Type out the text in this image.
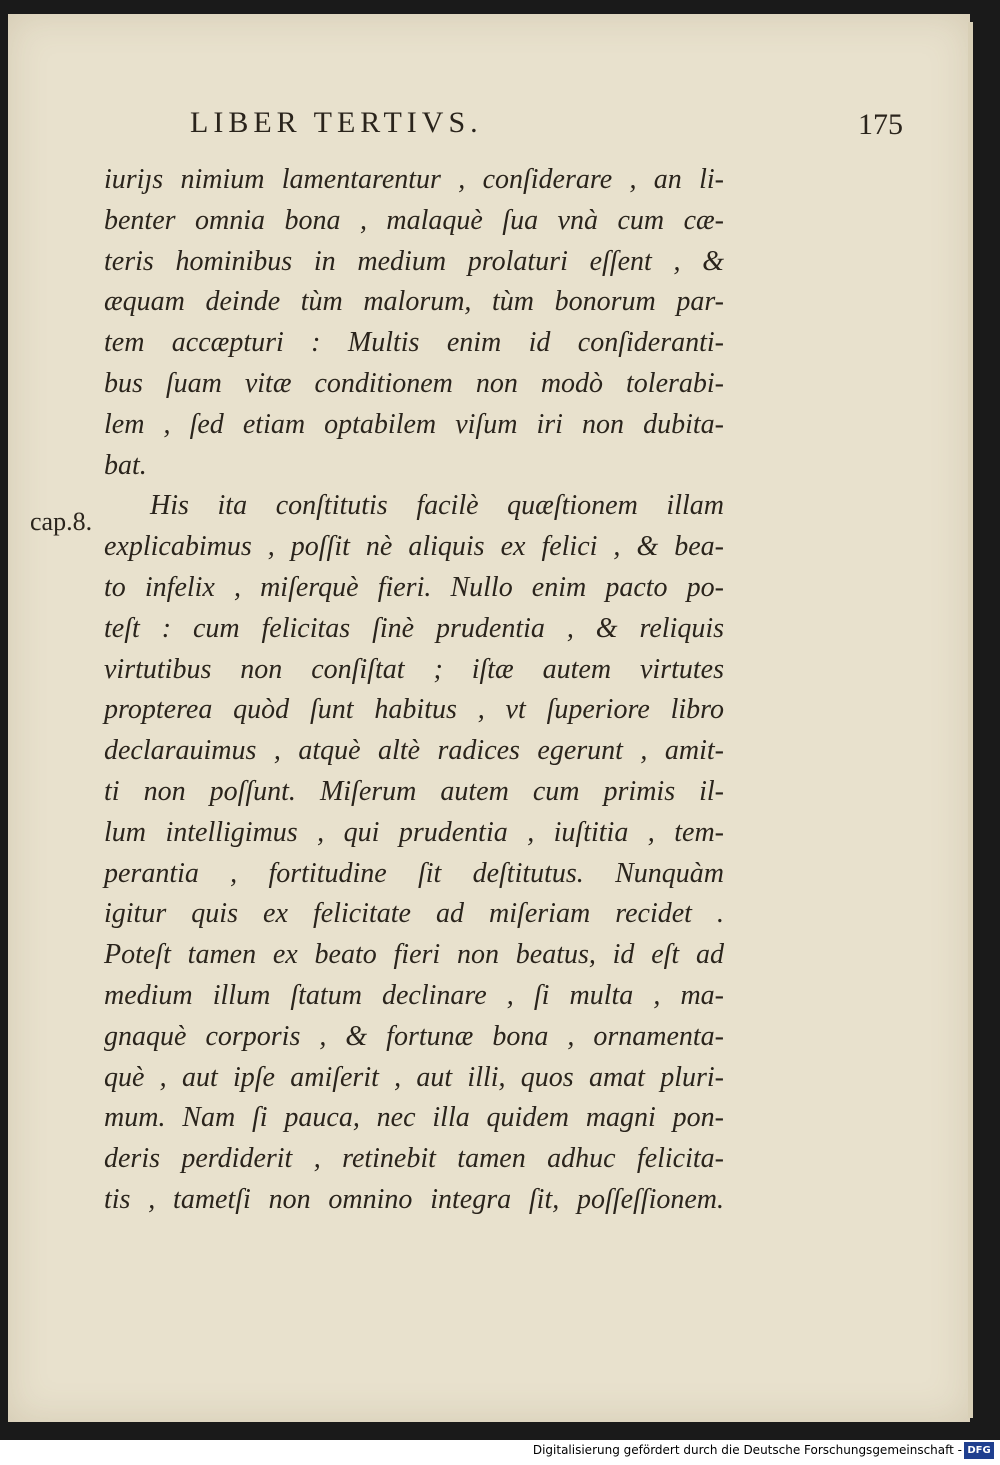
LIBER TERTIVS.	175
cap.8.
iuriȷs nimium lamentarentur , conſiderare , an li-
benter omnia bona , malaquè ſua vnà cum cæ-
teris hominibus in medium prolaturi eſſent , &
æquam deinde tùm malorum, tùm bonorum par-
tem accæpturi : Multis enim id conſideranti-
bus ſuam vitæ conditionem non modò tolerabi-
lem , ſed etiam optabilem viſum iri non dubita-
bat.
His ita conſtitutis facilè quæſtionem illam
explicabimus , poſſit nè aliquis ex felici , & bea-
to infelix , miſerquè fieri. Nullo enim pacto po-
teſt : cum felicitas ſinè prudentia , & reliquis
virtutibus non conſiſtat ; iſtæ autem virtutes
propterea quòd ſunt habitus , vt ſuperiore libro
declarauimus , atquè altè radices egerunt , amit-
ti non poſſunt. Miſerum autem cum primis il-
lum intelligimus , qui prudentia , iuſtitia , tem-
perantia , fortitudine ſit deſtitutus. Nunquàm
igitur quis ex felicitate ad miſeriam recidet .
Poteſt tamen ex beato fieri non beatus, id eſt ad
medium illum ſtatum declinare , ſi multa , ma-
gnaquè corporis , & fortunæ bona , ornamenta-
què , aut ipſe amiſerit , aut illi, quos amat pluri-
mum. Nam ſi pauca, nec illa quidem magni pon-
deris perdiderit , retinebit tamen adhuc felicita-
tis , tametſi non omnino integra ſit, poſſeſſionem.
Digitalisierung gefördert durch die Deutsche Forschungsgemeinschaft - DFG
